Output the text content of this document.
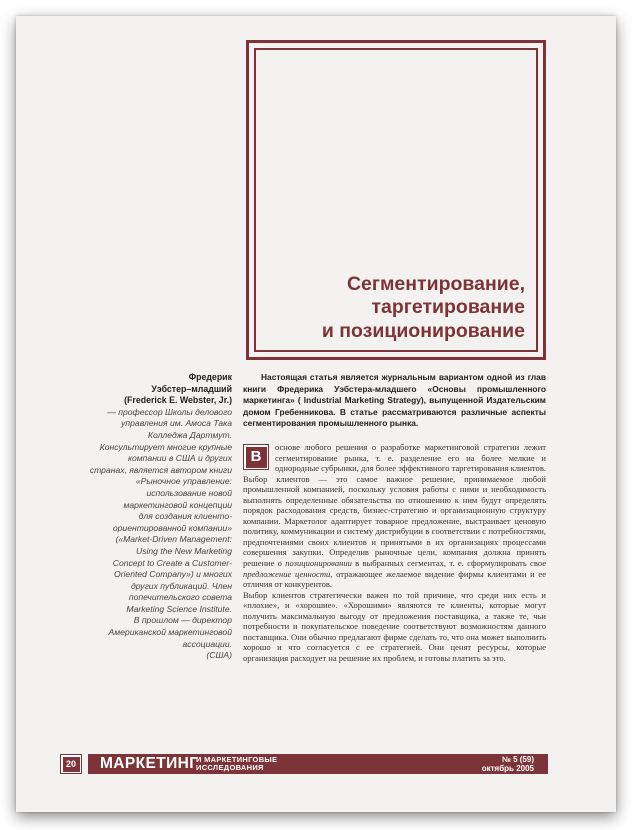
Сегментирование,
таргетирование
и позиционирование
Фредерик
Уэбстер–младший
(Frederick E. Webster, Jr.)
— профессор Школы делового
управления им. Амоса Така
Колледжа Дартмут.
Консультирует многие крупные
компании в США и других
странах, является автором книги
«Рыночное управление:
использование новой
маркетинговой концепции
для создания клиенто-
ориентированной компании»
(«Market-Driven Management:
Using the New Marketing
Concept to Create a Customer-
Oriented Company») и многих
других публикаций. Член
попечительского совета
Marketing Science Institute.
В прошлом — директор
Американской маркетинговой
ассоциации.
(США)
Настоящая статья является журнальным вариантом одной из глав книги Фредерика Уэбстера-младшего «Основы промышленного маркетинга» ( Industrial Marketing Strategy), выпущенной Издательским домом Гребенникова. В статье рассматриваются различные аспекты сегментирования промышленного рынка.
В

основе любого решения о разработке маркетинговой стратегии лежит сегментирование рынка, т. е. разделение его на более мелкие и однородные субрынки, для более эффективного таргетирования клиентов. Выбор клиентов — это самое важное решение, принимаемое любой промышленной компанией, поскольку условия работы с ними и необходимость выполнять определенные обязательства по отношению к ним будут определять порядок расходования средств, бизнес-стратегию и организационную структуру компании. Маркетолог адаптирует товарное предложение, выстраивает ценовую политику, коммуникации и систему дистрибуции в соответствии с потребностями, предпочтениями своих клиентов и принятыми в их организациях процессами совершения закупки. Определив рыночные цели, компания должна принять решение о позиционировании в выбранных сегментах, т. е. сформулировать свое предложение ценности, отражающее желаемое видение фирмы клиентами и ее отличия от конкурентов.

Выбор клиентов стратегически важен по той причине, что среди них есть и «плохие», и «хорошие». «Хорошими» являются те клиенты, которые могут получить максимальную выгоду от предложения поставщика, а также те, чьи потребности и покупательское поведение соответствуют возможностям данного поставщика. Они обычно предлагают фирме сделать то, что она может выполнить хорошо и что согласуется с ее стратегией. Они ценят ресурсы, которые организация расходует на решение их проблем, и готовы платить за это.

20 МАРКЕТИНГ
И МАРКЕТИНГОВЫЕ
ИССЛЕДОВАНИЯ
№ 5 (59)
октябрь 2005
